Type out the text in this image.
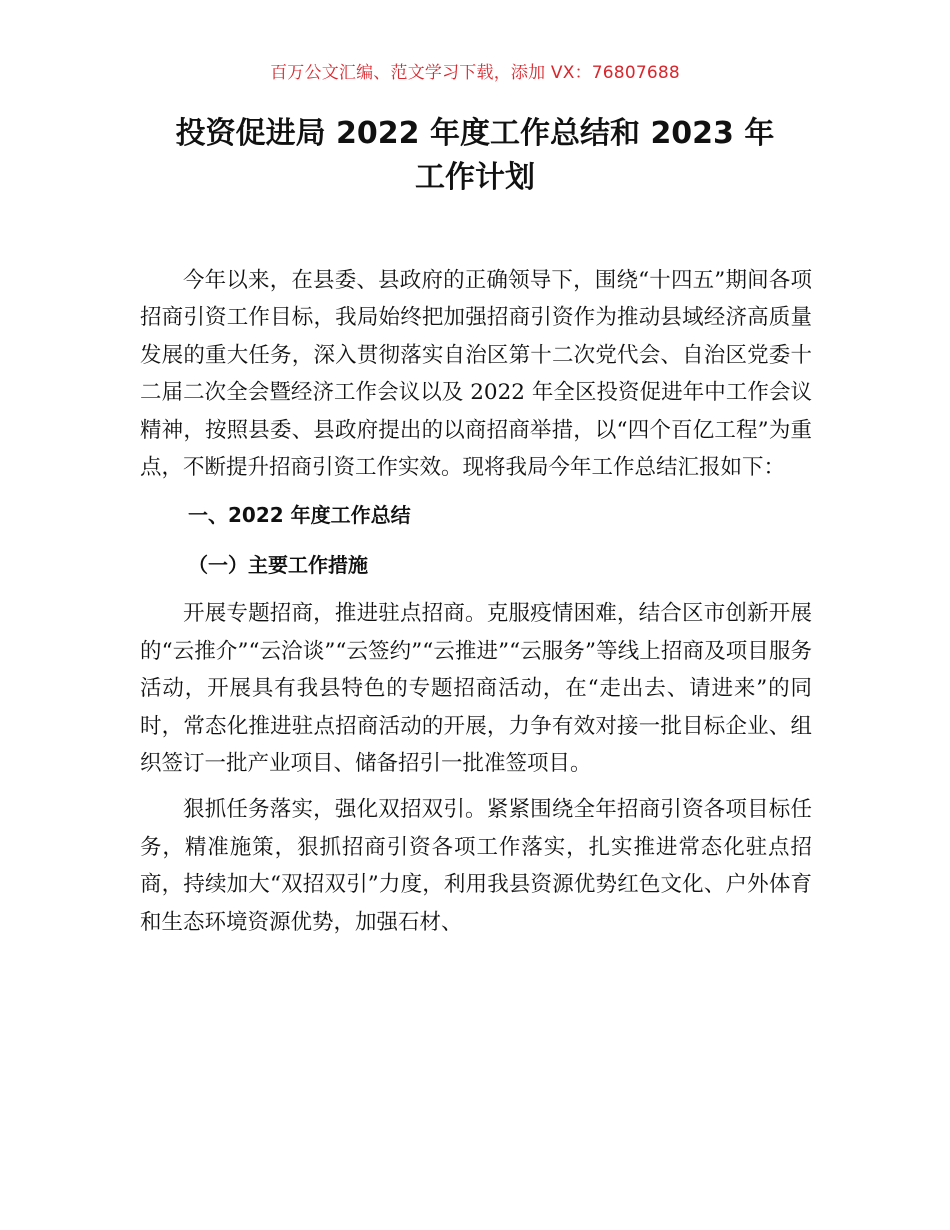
百万公文汇编、范文学习下载，添加 VX：76807688
投资促进局 2022 年度工作总结和 2023 年
工作计划

今年以来，在县委、县政府的正确领导下，围绕“十四五”期间各项招商引资工作目标，我局始终把加强招商引资作为推动县域经济高质量发展的重大任务，深入贯彻落实自治区第十二次党代会、自治区党委十二届二次全会暨经济工作会议以及 2022 年全区投资促进年中工作会议精神，按照县委、县政府提出的以商招商举措，以“四个百亿工程”为重点，不断提升招商引资工作实效。现将我局今年工作总结汇报如下：

一、2022 年度工作总结
（一）主要工作措施

开展专题招商，推进驻点招商。克服疫情困难，结合区市创新开展的“云推介”“云洽谈”“云签约”“云推进”“云服务”等线上招商及项目服务活动，开展具有我县特色的专题招商活动，在“走出去、请进来”的同时，常态化推进驻点招商活动的开展，力争有效对接一批目标企业、组织签订一批产业项目、储备招引一批准签项目。

狠抓任务落实，强化双招双引。紧紧围绕全年招商引资各项目标任务，精准施策，狠抓招商引资各项工作落实，扎实推进常态化驻点招商，持续加大“双招双引”力度，利用我县资源优势红色文化、户外体育和生态环境资源优势，加强石材、
